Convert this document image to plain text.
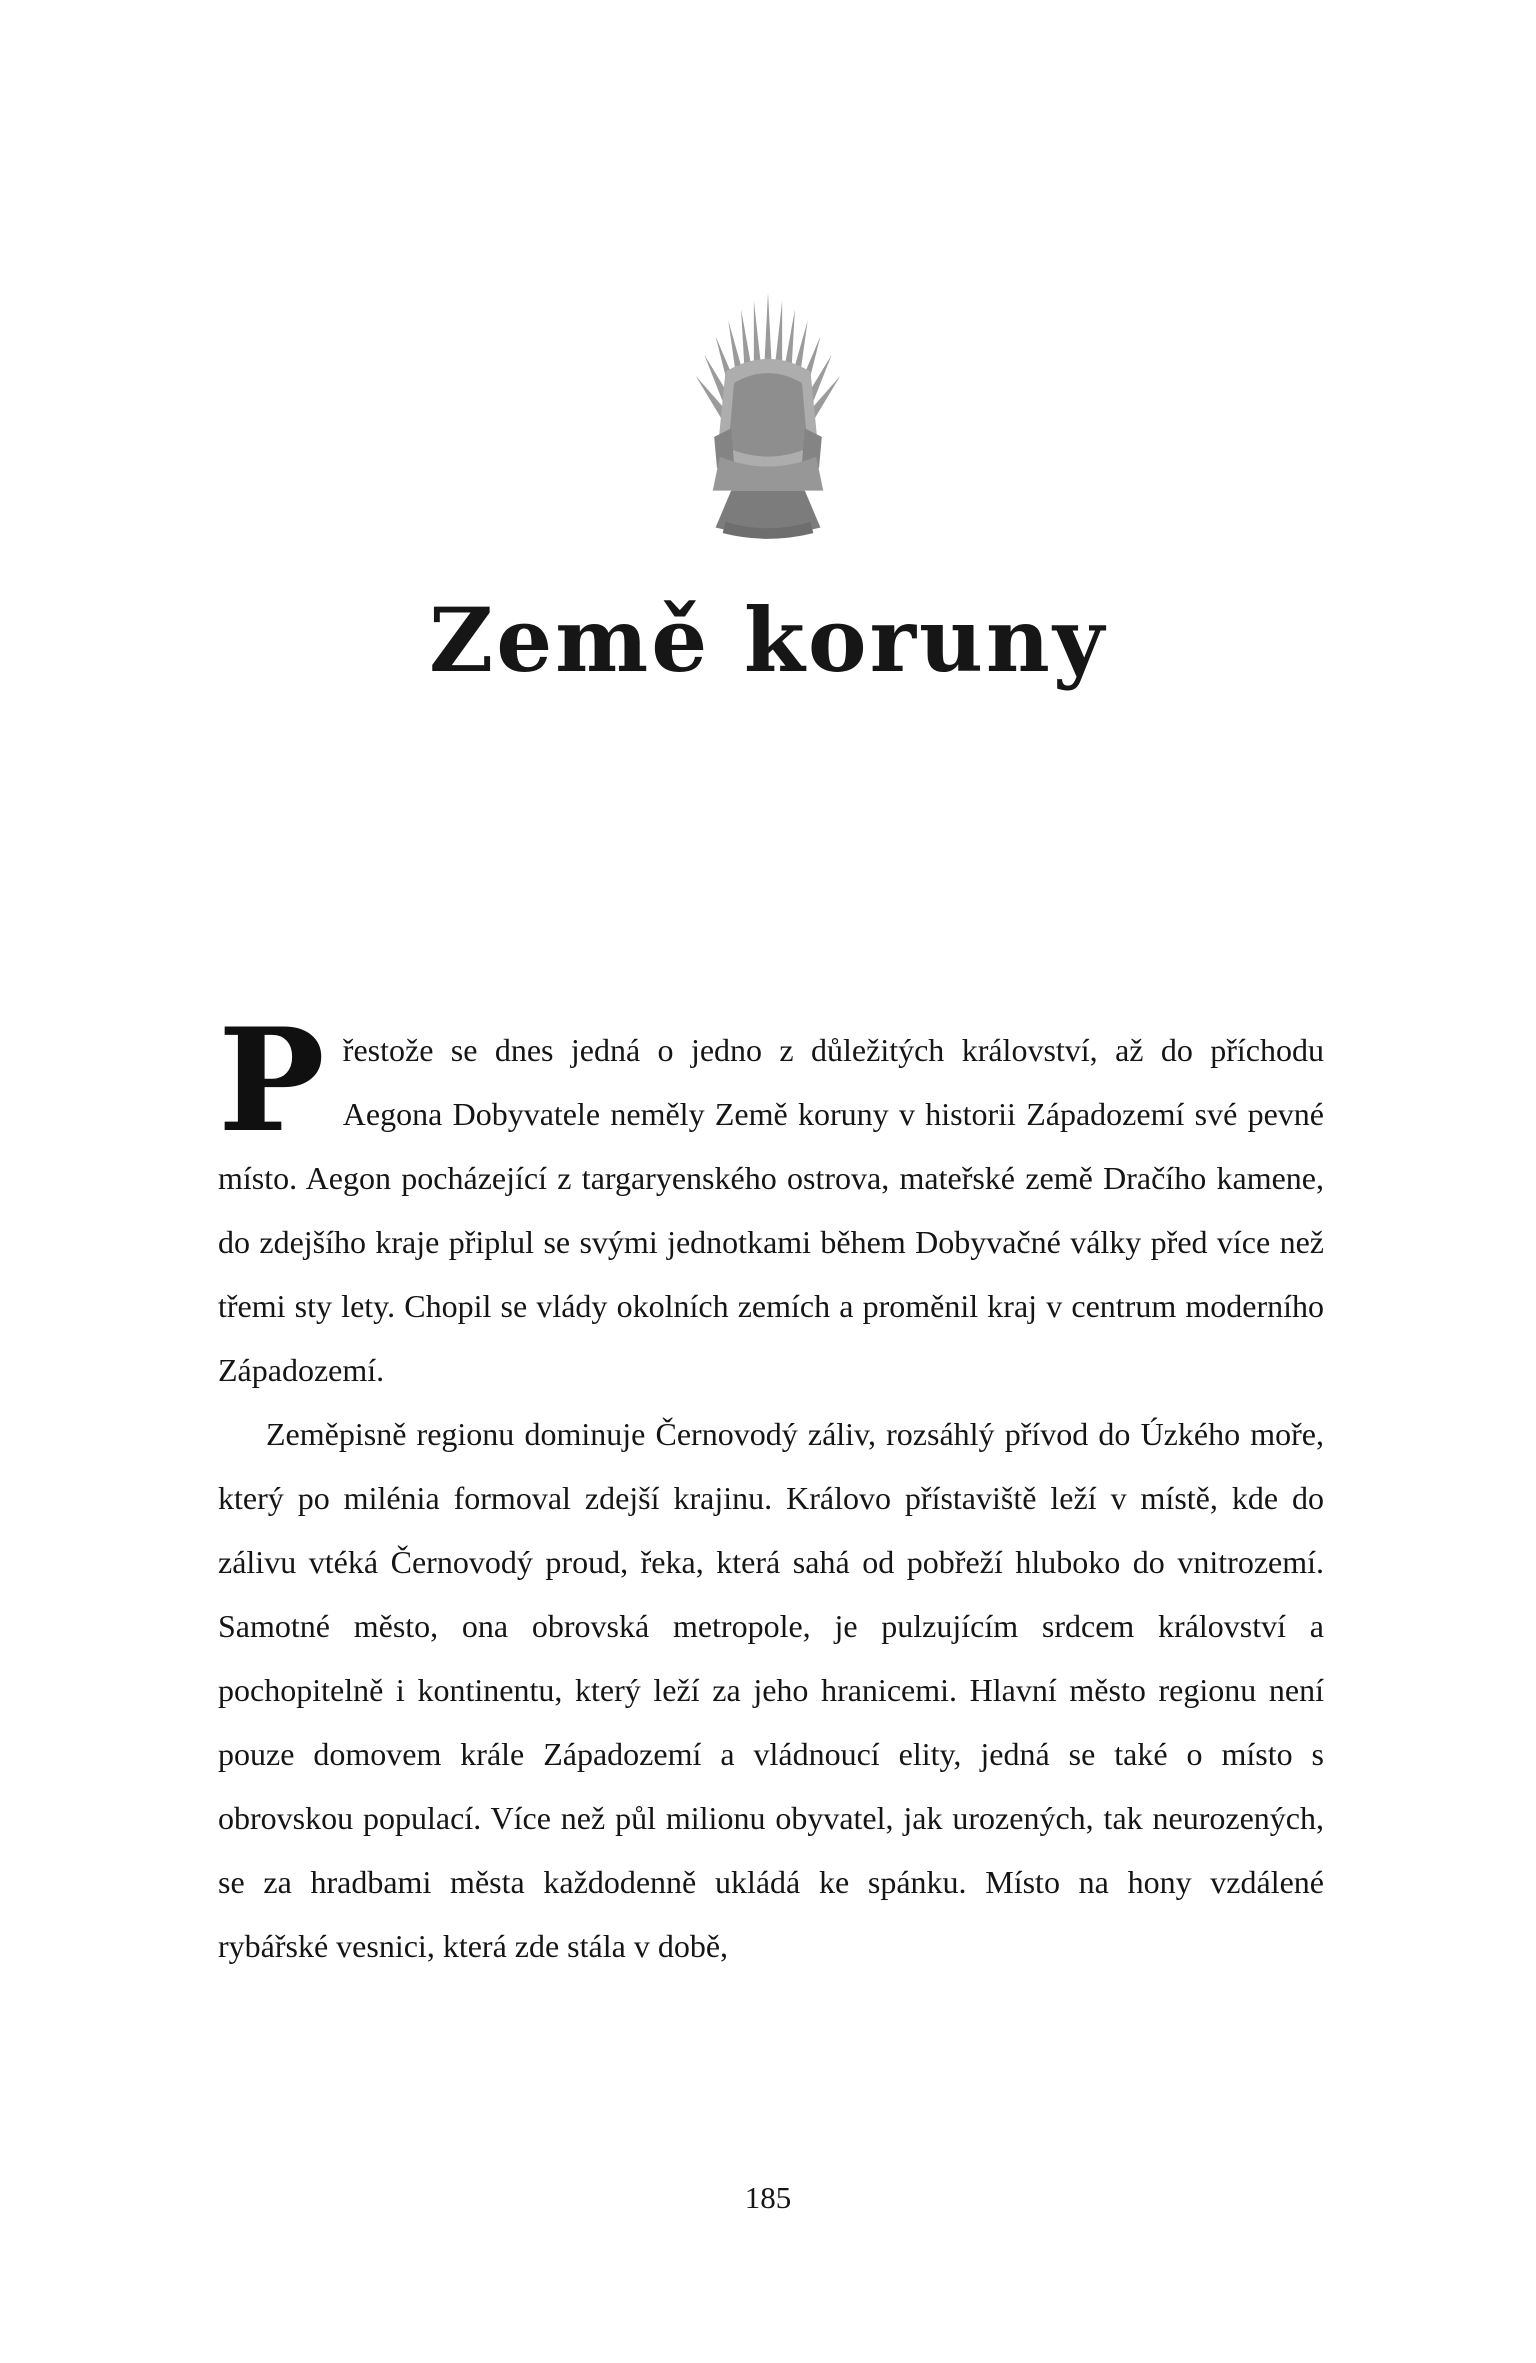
Země koruny

Přestože se dnes jedná o jedno z důležitých království, až do příchodu Aegona Dobyvatele neměly Země koruny v historii Západozemí své pevné místo. Aegon pocházející z targaryenského ostrova, mateřské země Dračího kamene, do zdejšího kraje připlul se svými jednotkami během Dobyvačné války před více než třemi sty lety. Chopil se vlády okolních zemích a proměnil kraj v centrum moderního Západozemí.

Zeměpisně regionu dominuje Černovodý záliv, rozsáhlý přívod do Úzkého moře, který po milénia formoval zdejší krajinu. Královo přístaviště leží v místě, kde do zálivu vtéká Černovodý proud, řeka, která sahá od pobřeží hluboko do vnitrozemí. Samotné město, ona obrovská metropole, je pulzujícím srdcem království a pochopitelně i kontinentu, který leží za jeho hranicemi. Hlavní město regionu není pouze domovem krále Západozemí a vládnoucí elity, jedná se také o místo s obrovskou populací. Více než půl milionu obyvatel, jak urozených, tak neurozených, se za hradbami města každodenně ukládá ke spánku. Místo na hony vzdálené rybářské vesnici, která zde stála v době,

185
